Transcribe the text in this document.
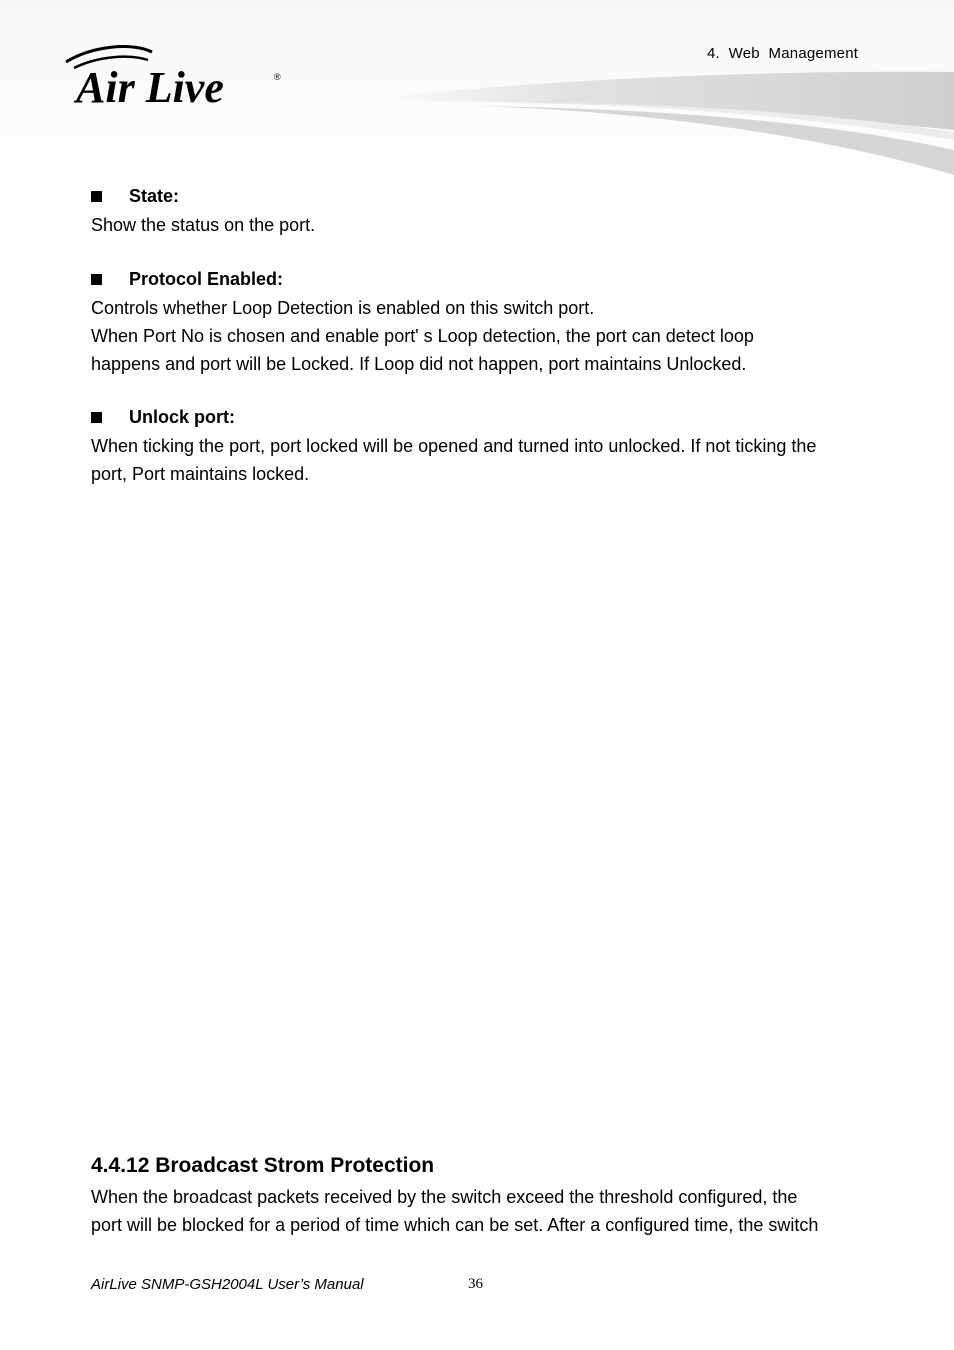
Air Live	®
4.  Web  Management
State:
Show the status on the port.
Protocol Enabled:
Controls whether Loop Detection is enabled on this switch port.
When Port No is chosen and enable port' s Loop detection, the port can detect loop
happens and port will be Locked. If Loop did not happen, port maintains Unlocked.
Unlock port:
When ticking the port, port locked will be opened and turned into unlocked. If not ticking the
port, Port maintains locked.
4.4.12 Broadcast Strom Protection
When the broadcast packets received by the switch exceed the threshold configured, the
port will be blocked for a period of time which can be set. After a configured time, the switch
AirLive SNMP-GSH2004L User’s Manual	36
